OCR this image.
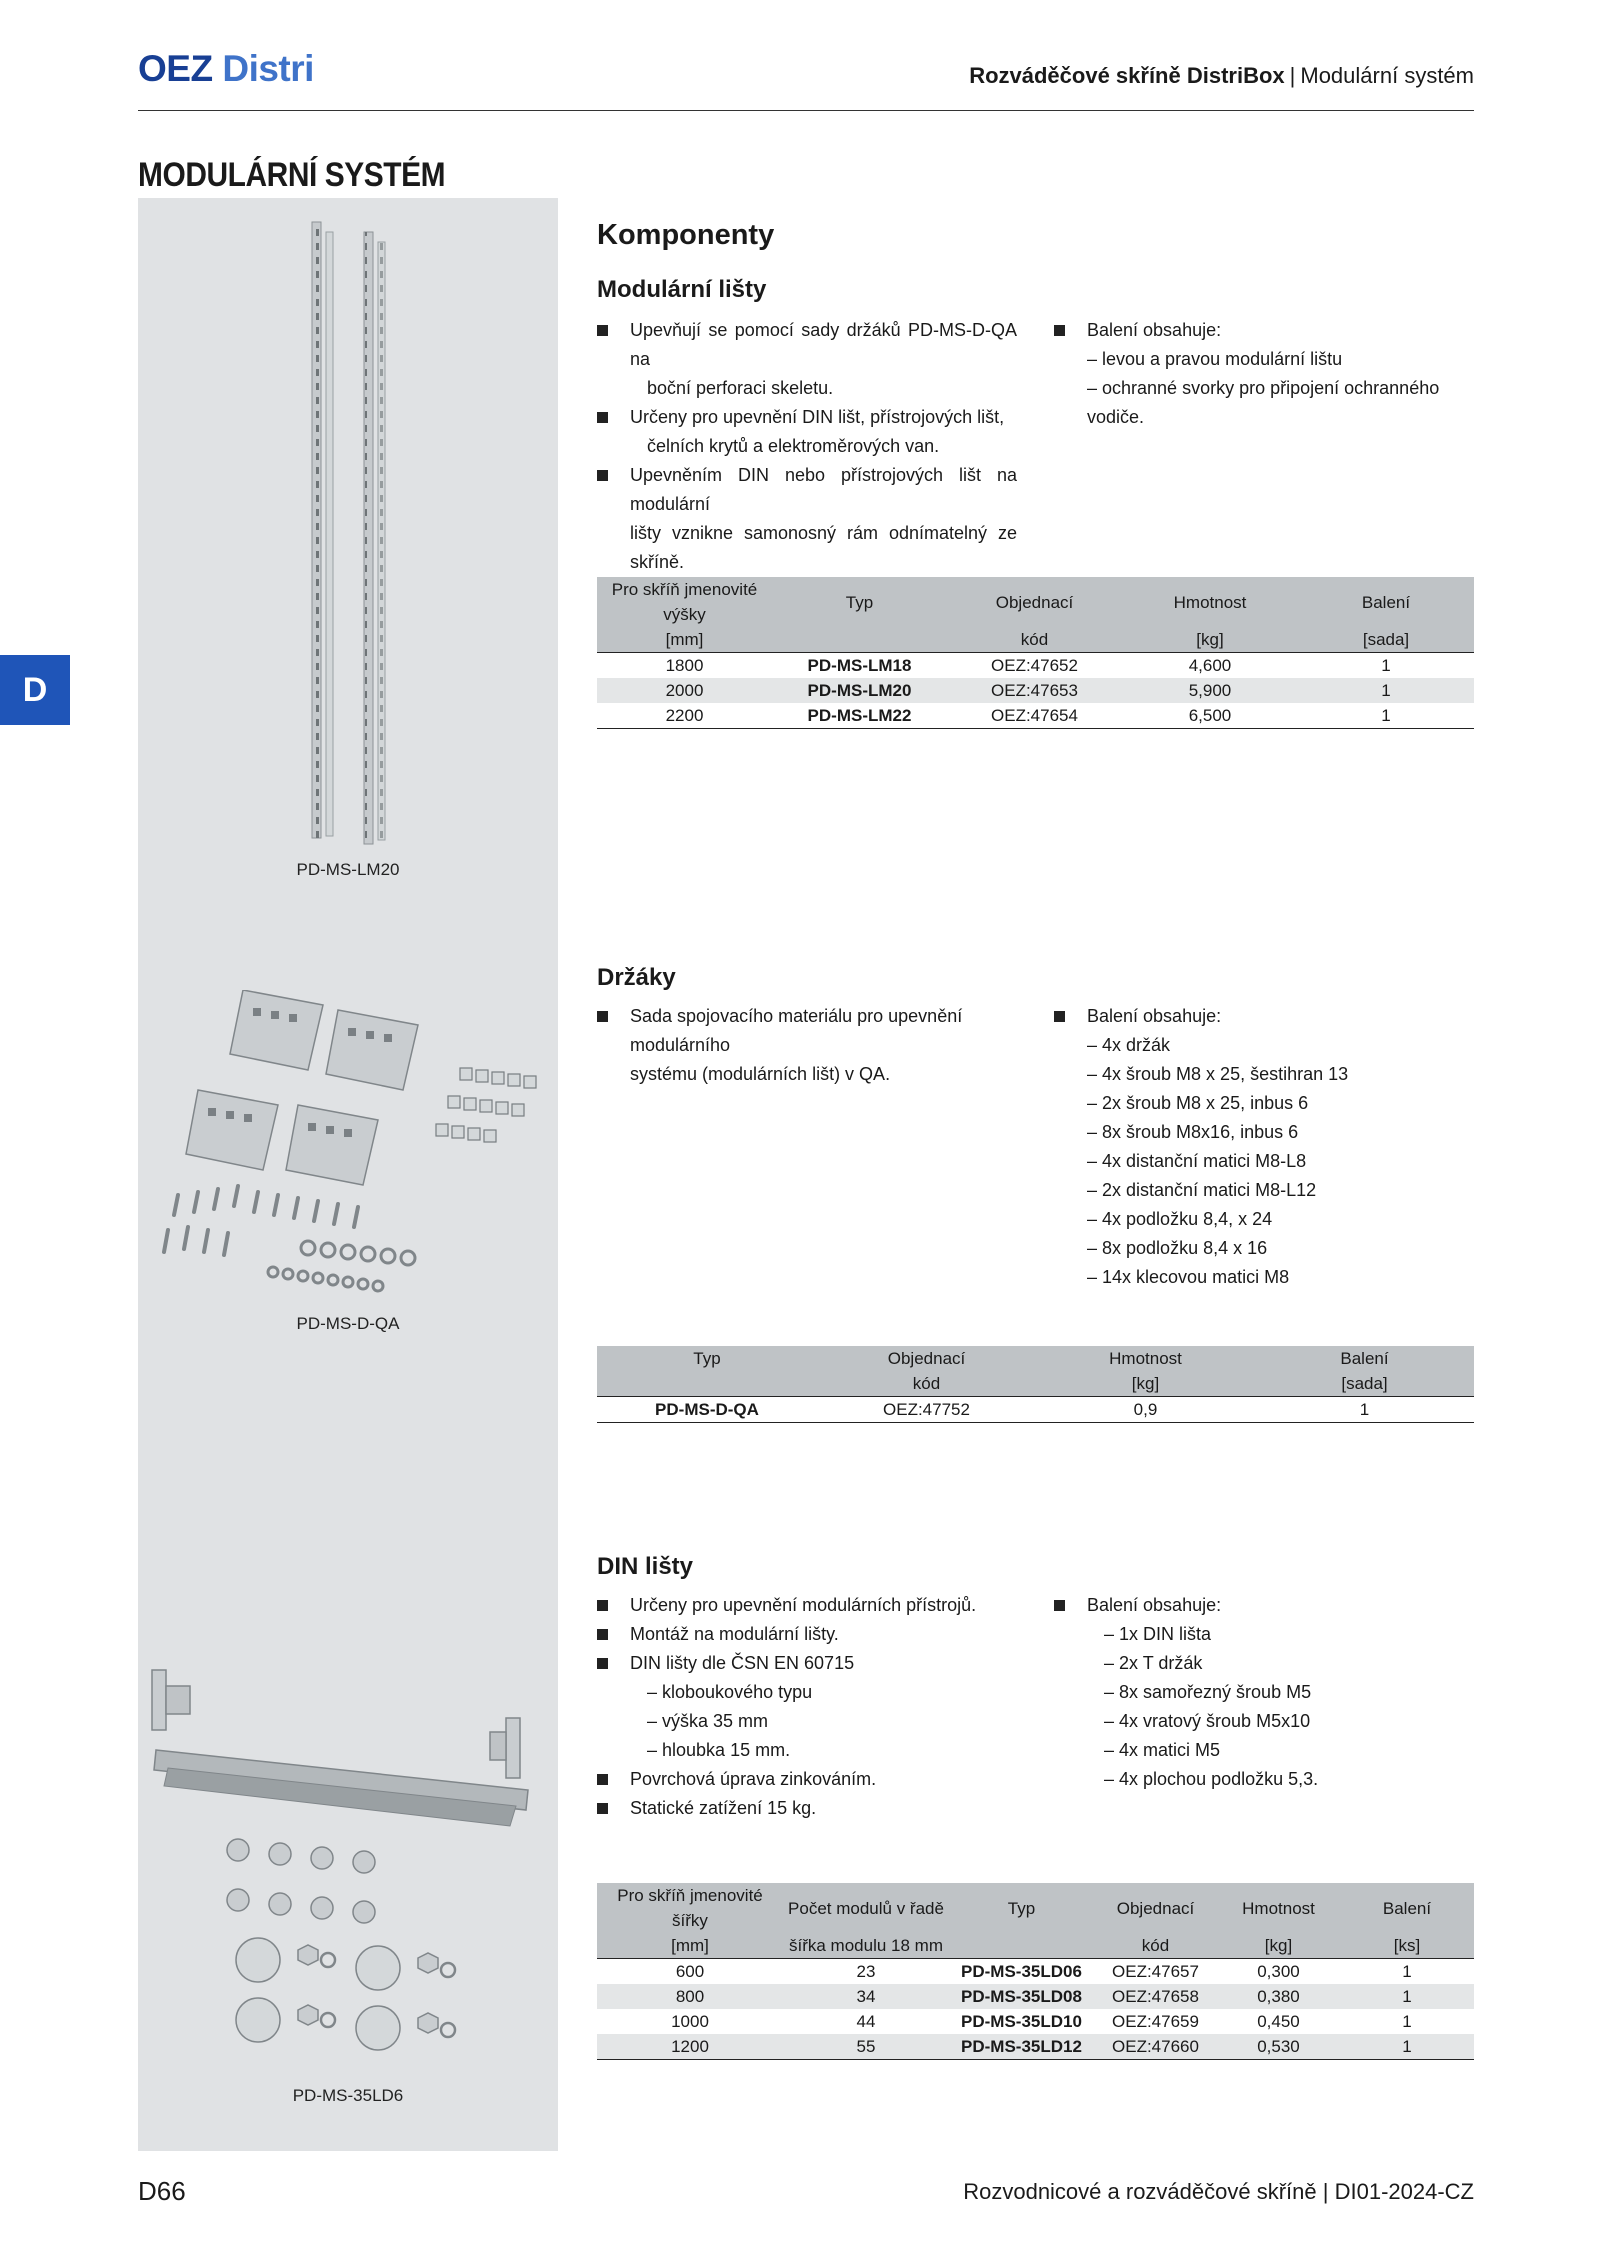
OEZ Distri	Rozváděčové skříně DistriBox | Modulární systém
MODULÁRNÍ SYSTÉM
D
PD-MS-LM20
PD-MS-D-QA
PD-MS-35LD6
Komponenty
Modulární lišty
Upevňují se pomocí sady držáků PD-MS-D-QA na
boční perforaci skeletu.
Určeny pro upevnění DIN lišt, přístrojových lišt,
čelních krytů a elektroměrových van.
Upevněním DIN nebo přístrojových lišt na modulární
lišty vznikne samonosný rám odnímatelný ze skříně.
Balení obsahuje:
– levou a pravou modulární lištu
– ochranné svorky pro připojení ochranného vodiče.
Pro skříň jmenovité výšky	Typ	Objednací	Hmotnost	Balení
[mm]		kód	[kg]	[sada]
1800	PD-MS-LM18	OEZ:47652	4,600	1
2000	PD-MS-LM20	OEZ:47653	5,900	1
2200	PD-MS-LM22	OEZ:47654	6,500	1
Držáky
Sada spojovacího materiálu pro upevnění modulárního
systému (modulárních lišt) v QA.
Balení obsahuje:
– 4x držák
– 4x šroub M8 x 25, šestihran 13
– 2x šroub M8 x 25, inbus 6
– 8x šroub M8x16, inbus 6
– 4x distanční matici M8-L8
– 2x distanční matici M8-L12
– 4x podložku 8,4, x 24
– 8x podložku 8,4 x 16
– 14x klecovou matici M8
Typ	Objednací	Hmotnost	Balení
	kód	[kg]	[sada]
PD-MS-D-QA	OEZ:47752	0,9	1
DIN lišty
Určeny pro upevnění modulárních přístrojů.
Montáž na modulární lišty.
DIN lišty dle ČSN EN 60715
– kloboukového typu
– výška 35 mm
– hloubka 15 mm.
Povrchová úprava zinkováním.
Statické zatížení 15 kg.
Balení obsahuje:
– 1x DIN lišta
– 2x T držák
– 8x samořezný šroub M5
– 4x vratový šroub M5x10
– 4x matici M5
– 4x plochou podložku 5,3.
Pro skříň jmenovité šířky	Počet modulů v řadě	Typ	Objednací	Hmotnost	Balení
[mm]	šířka modulu 18 mm		kód	[kg]	[ks]
600	23	PD-MS-35LD06	OEZ:47657	0,300	1
800	34	PD-MS-35LD08	OEZ:47658	0,380	1
1000	44	PD-MS-35LD10	OEZ:47659	0,450	1
1200	55	PD-MS-35LD12	OEZ:47660	0,530	1
D66	Rozvodnicové a rozváděčové skříně | DI01-2024-CZ
